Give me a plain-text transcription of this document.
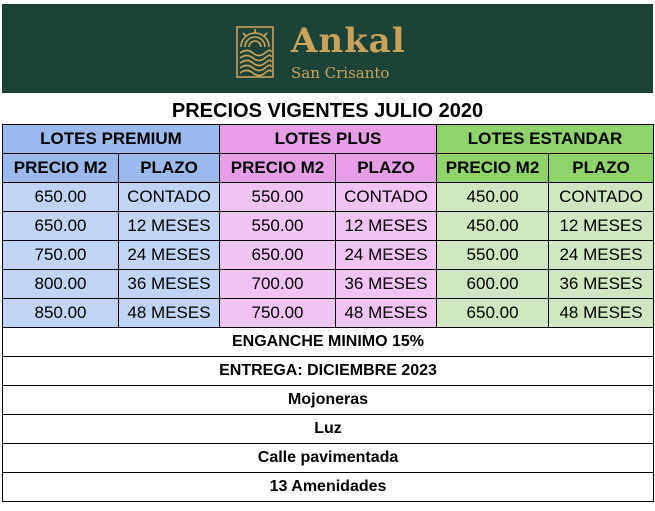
Ankal
San Crisanto
PRECIOS VIGENTES JULIO 2020
LOTES PREMIUM		LOTES PLUS		LOTES ESTANDAR	
PRECIO M2	PLAZO	PRECIO M2	PLAZO	PRECIO M2	PLAZO
650.00	CONTADO	550.00	CONTADO	450.00	CONTADO
650.00	12 MESES	550.00	12 MESES	450.00	12 MESES
750.00	24 MESES	650.00	24 MESES	550.00	24 MESES
800.00	36 MESES	700.00	36 MESES	600.00	36 MESES
850.00	48 MESES	750.00	48 MESES	650.00	48 MESES
ENGANCHE MINIMO 15%					
ENTREGA: DICIEMBRE 2023					
Mojoneras					
Luz					
Calle pavimentada					
13 Amenidades					
